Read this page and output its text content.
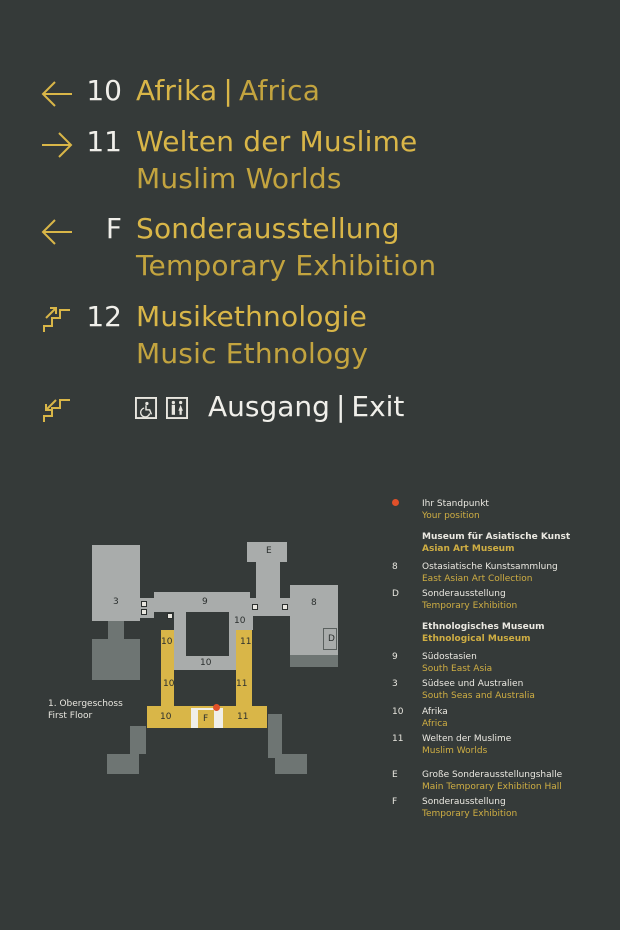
10 Afrika | Africa
11 Welten der Muslime
Muslim Worlds
F Sonderausstellung
Temporary Exhibition
12 Musikethnologie
Music Ethnology
Ausgang | Exit
3	9
E
8
D
10
10
10
10
11
11
10	11
F
1. Obergeschoss
First Floor
Ihr Standpunkt
Your position
Museum für Asiatische Kunst
Asian Art Museum
8	Ostasiatische Kunstsammlung
East Asian Art Collection
D	Sonderausstellung
Temporary Exhibition
Ethnologisches Museum
Ethnological Museum
9	Südostasien
South East Asia
3	Südsee und Australien
South Seas and Australia
10	Afrika
Africa
11	Welten der Muslime
Muslim Worlds
E	Große Sonderausstellungshalle
Main Temporary Exhibition Hall
F	Sonderausstellung
Temporary Exhibition
